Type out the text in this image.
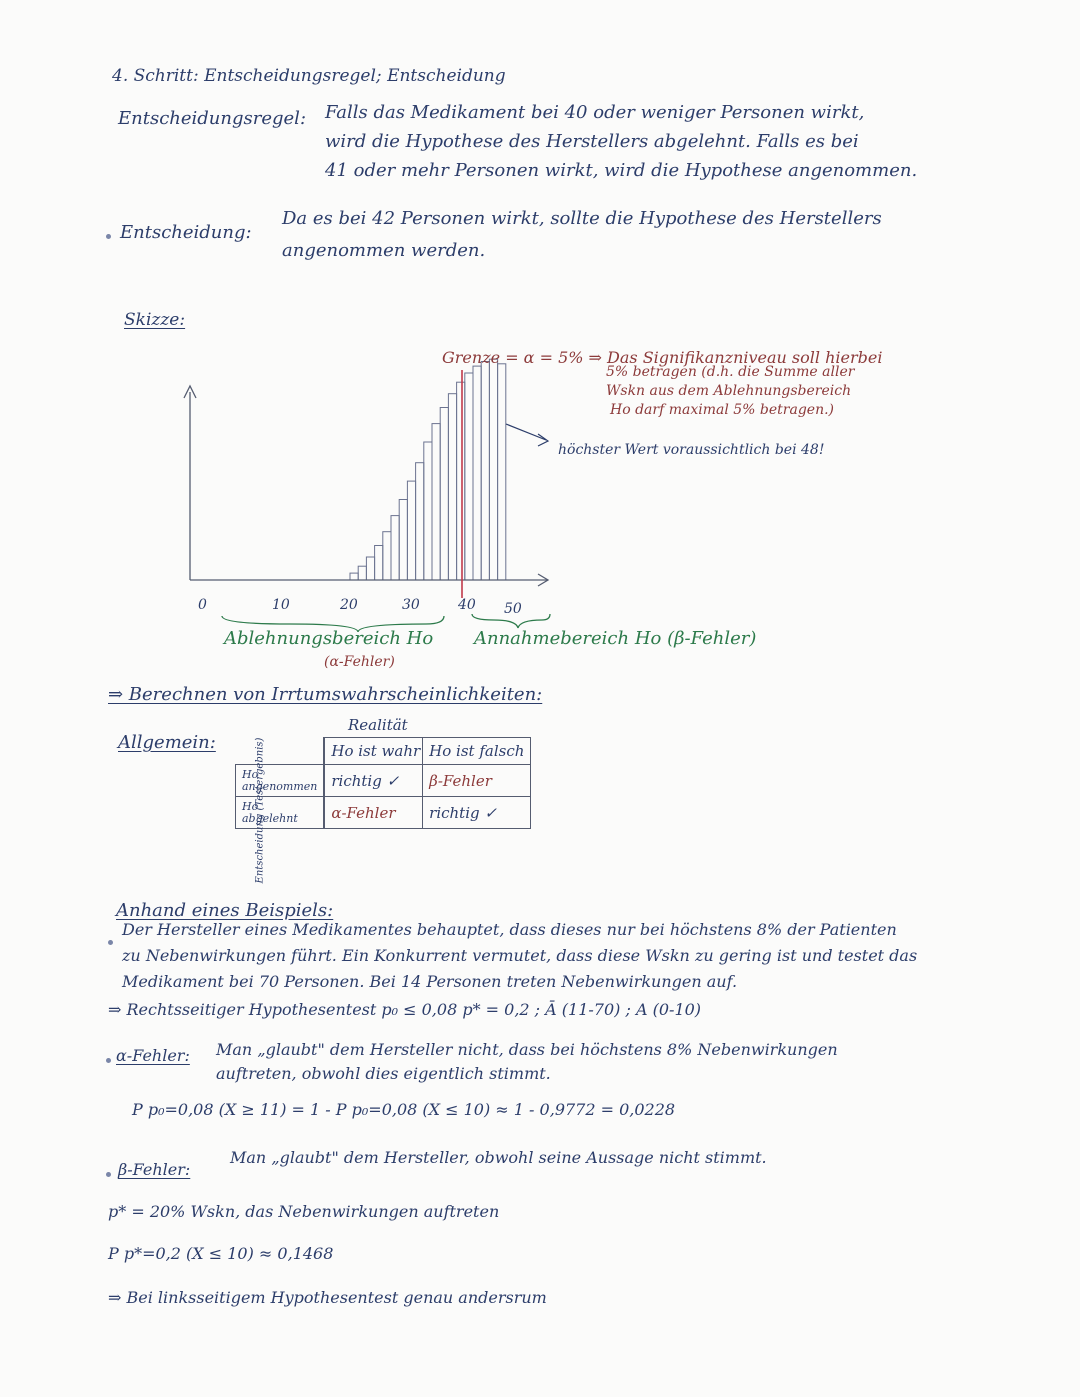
4. Schritt: Entscheidungsregel; Entscheidung
Entscheidungsregel: Falls das Medikament bei 40 oder weniger Personen wirkt,
wird die Hypothese des Herstellers abgelehnt. Falls es bei
41 oder mehr Personen wirkt, wird die Hypothese angenommen.
Entscheidung:
Da es bei 42 Personen wirkt, sollte die Hypothese des Herstellers
angenommen werden.
Skizze:
Grenze = α = 5% ⇒ Das Signifikanzniveau soll hierbei
5% betragen (d.h. die Summe aller
Wskn aus dem Ablehnungsbereich
Ho darf maximal 5% betragen.)
höchster Wert voraussichtlich bei 48!
0	10	20	30	40 50
Ablehnungsbereich Ho
(α-Fehler)
Annahmebereich Ho (β-Fehler)
⇒ Berechnen von Irrtumswahrscheinlichkeiten:
Allgemein:
Realität
		Ho ist wahr	Ho ist falsch

Entscheidung (Testergebnis)	Ho angenommen	richtig ✓	β-Fehler
	Ho abgelehnt	α-Fehler	richtig ✓
Anhand eines Beispiels:
Der Hersteller eines Medikamentes behauptet, dass dieses nur bei höchstens 8% der Patienten
zu Nebenwirkungen führt. Ein Konkurrent vermutet, dass diese Wskn zu gering ist und testet das
Medikament bei 70 Personen. Bei 14 Personen treten Nebenwirkungen auf.
⇒ Rechtsseitiger Hypothesentest p₀ ≤ 0,08 p* = 0,2 ; Ā (11-70) ; A (0-10)
α-Fehler: Man „glaubt" dem Hersteller nicht, dass bei höchstens 8% Nebenwirkungen
auftreten, obwohl dies eigentlich stimmt.
P p₀=0,08 (X ≥ 11) = 1 - P p₀=0,08 (X ≤ 10) ≈ 1 - 0,9772 = 0,0228
β-Fehler:
Man „glaubt" dem Hersteller, obwohl seine Aussage nicht stimmt.
p* = 20% Wskn, das Nebenwirkungen auftreten
P p*=0,2 (X ≤ 10) ≈ 0,1468
⇒ Bei linksseitigem Hypothesentest genau andersrum
